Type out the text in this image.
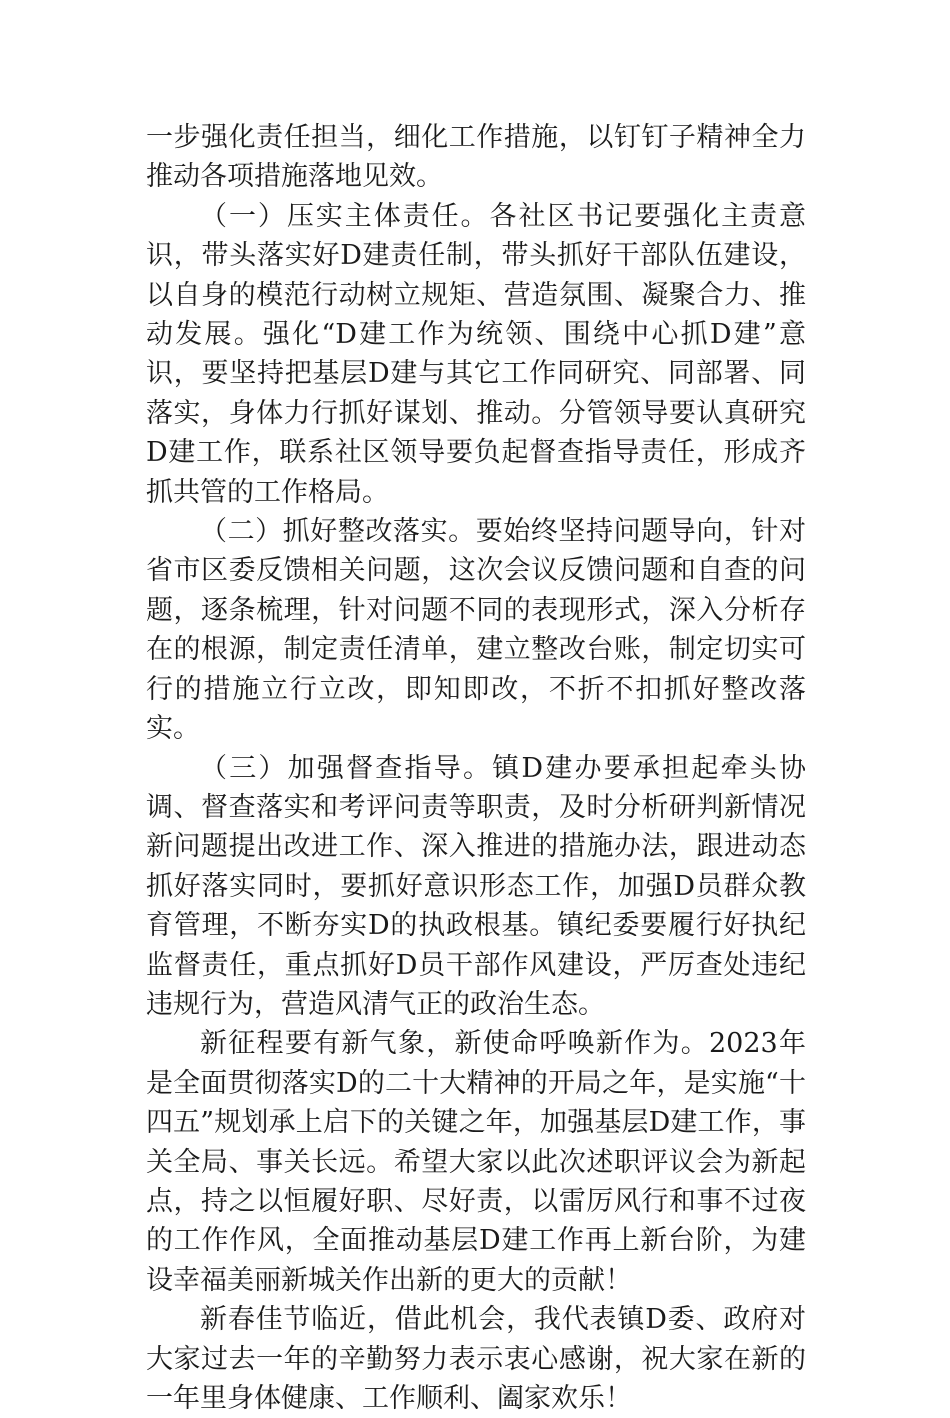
一步强化责任担当，细化工作措施，以钉钉子精神全力推动各项措施落地见效。

（一）压实主体责任。各社区书记要强化主责意识，带头落实好D建责任制，带头抓好干部队伍建设，以自身的模范行动树立规矩、营造氛围、凝聚合力、推动发展。强化“D建工作为统领、围绕中心抓D建”意识，要坚持把基层D建与其它工作同研究、同部署、同落实，身体力行抓好谋划、推动。分管领导要认真研究D建工作，联系社区领导要负起督查指导责任，形成齐抓共管的工作格局。

（二）抓好整改落实。要始终坚持问题导向，针对省市区委反馈相关问题，这次会议反馈问题和自查的问题，逐条梳理，针对问题不同的表现形式，深入分析存在的根源，制定责任清单，建立整改台账，制定切实可行的措施立行立改，即知即改，不折不扣抓好整改落实。

（三）加强督查指导。镇D建办要承担起牵头协调、督查落实和考评问责等职责，及时分析研判新情况新问题提出改进工作、深入推进的措施办法，跟进动态抓好落实同时，要抓好意识形态工作，加强D员群众教育管理，不断夯实D的执政根基。镇纪委要履行好执纪监督责任，重点抓好D员干部作风建设，严厉查处违纪违规行为，营造风清气正的政治生态。

新征程要有新气象，新使命呼唤新作为。2023年是全面贯彻落实D的二十大精神的开局之年，是实施“十四五”规划承上启下的关键之年，加强基层D建工作，事关全局、事关长远。希望大家以此次述职评议会为新起点，持之以恒履好职、尽好责，以雷厉风行和事不过夜的工作作风，全面推动基层D建工作再上新台阶，为建设幸福美丽新城关作出新的更大的贡献！

新春佳节临近，借此机会，我代表镇D委、政府对大家过去一年的辛勤努力表示衷心感谢，祝大家在新的一年里身体健康、工作顺利、阖家欢乐！
